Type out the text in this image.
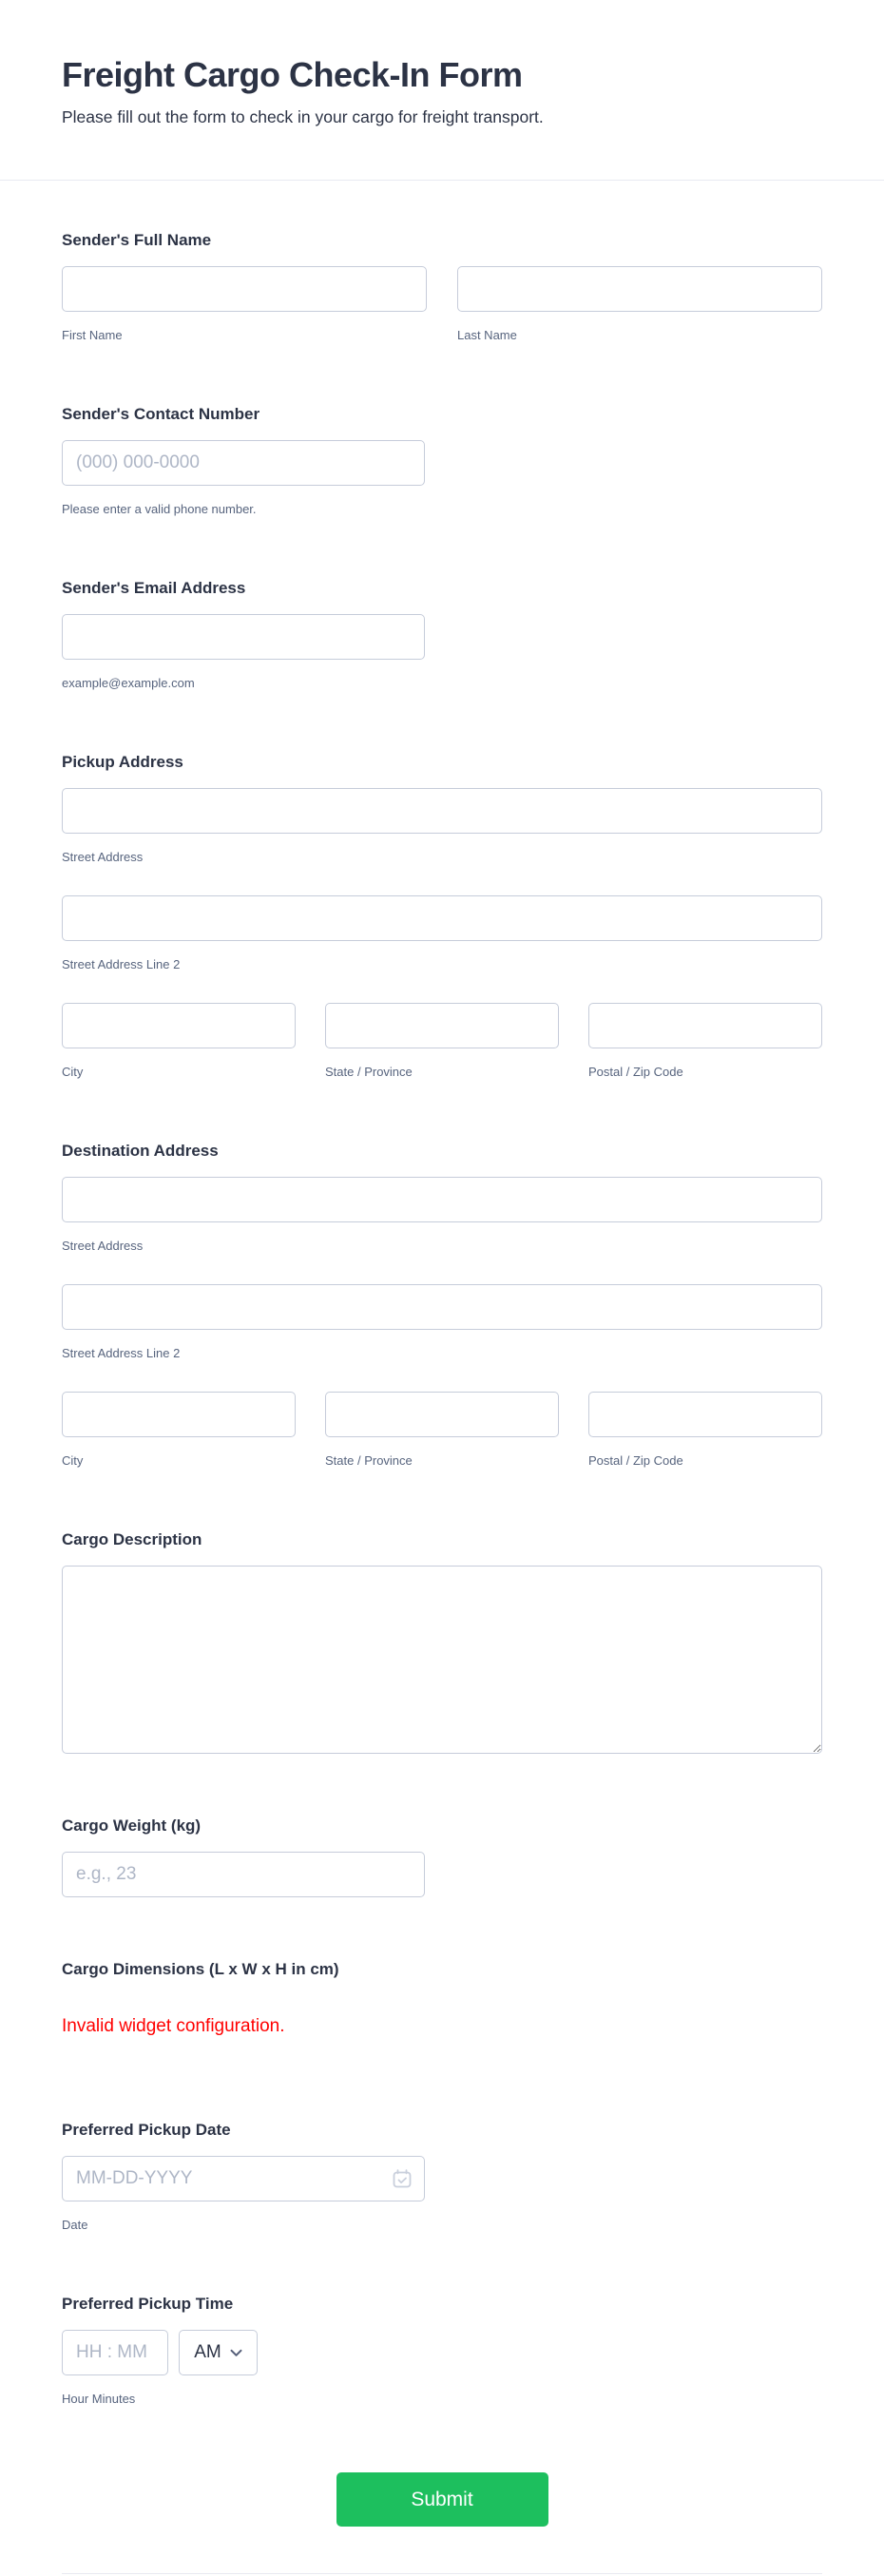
Freight Cargo Check-In Form

Please fill out the form to check in your cargo for freight transport.

Sender's Full Name
First Name	Last Name
Sender's Contact Number
(000) 000-0000
Please enter a valid phone number.
Sender's Email Address
example@example.com
Pickup Address
Street Address
Street Address Line 2
City	State / Province	Postal / Zip Code
Destination Address
Street Address
Street Address Line 2
City	State / Province	Postal / Zip Code
Cargo Description
Cargo Weight (kg)
e.g., 23
Cargo Dimensions (L x W x H in cm)
Invalid widget configuration.
Preferred Pickup Date
MM-DD-YYYY
Date
Preferred Pickup Time
HH : MM
AM
Hour Minutes
Submit
